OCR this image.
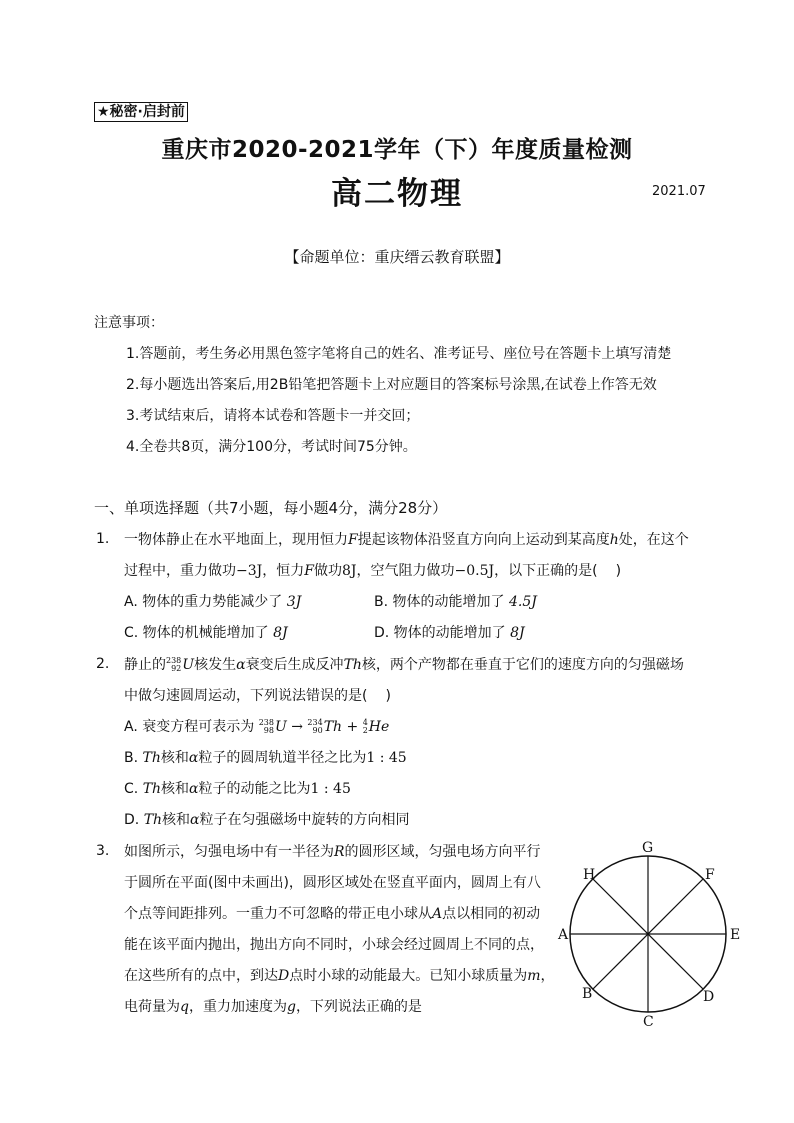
★秘密·启封前
重庆市2020-2021学年（下）年度质量检测
高二物理	2021.07
【命题单位：重庆缙云教育联盟】
注意事项：
1.答题前，考生务必用黑色签字笔将自己的姓名、准考证号、座位号在答题卡上填写清楚
2.每小题选出答案后,用2B铅笔把答题卡上对应题目的答案标号涂黑,在试卷上作答无效
3.考试结束后，请将本试卷和答题卡一并交回；
4.全卷共8页，满分100分，考试时间75分钟。
一、单项选择题（共7小题，每小题4分，满分28分）
1. 一物体静止在水平地面上，现用恒力F提起该物体沿竖直方向向上运动到某高度h处，在这个
过程中，重力做功−3J，恒力F做功8J，空气阻力做功−0.5J，以下正确的是( )
A. 物体的重力势能减少了 3J	B. 物体的动能增加了 4.5J
C. 物体的机械能增加了 8J	D. 物体的动能增加了 8J
2. 静止的 238
92 U核发生α衰变后生成反冲Th核，两个产物都在垂直于它们的速度方向的匀强磁场
中做匀速圆周运动，下列说法错误的是( )
A. 衰变方程可表示为 238
98 U → 234
90 Th + 4
2 He
B. Th核和α粒子的圆周轨道半径之比为1 : 45
C. Th核和α粒子的动能之比为1 : 45
D. Th核和α粒子在匀强磁场中旋转的方向相同
3. 如图所示，匀强电场中有一半径为R的圆形区域，匀强电场方向平行
于圆所在平面(图中未画出)，圆形区域处在竖直平面内，圆周上有八
个点等间距排列。一重力不可忽略的带正电小球从A点以相同的初动
能在该平面内抛出，抛出方向不同时，小球会经过圆周上不同的点，
在这些所有的点中，到达D点时小球的动能最大。已知小球质量为m，
电荷量为q，重力加速度为g，下列说法正确的是
A
B
C
D
E
F
G
H
